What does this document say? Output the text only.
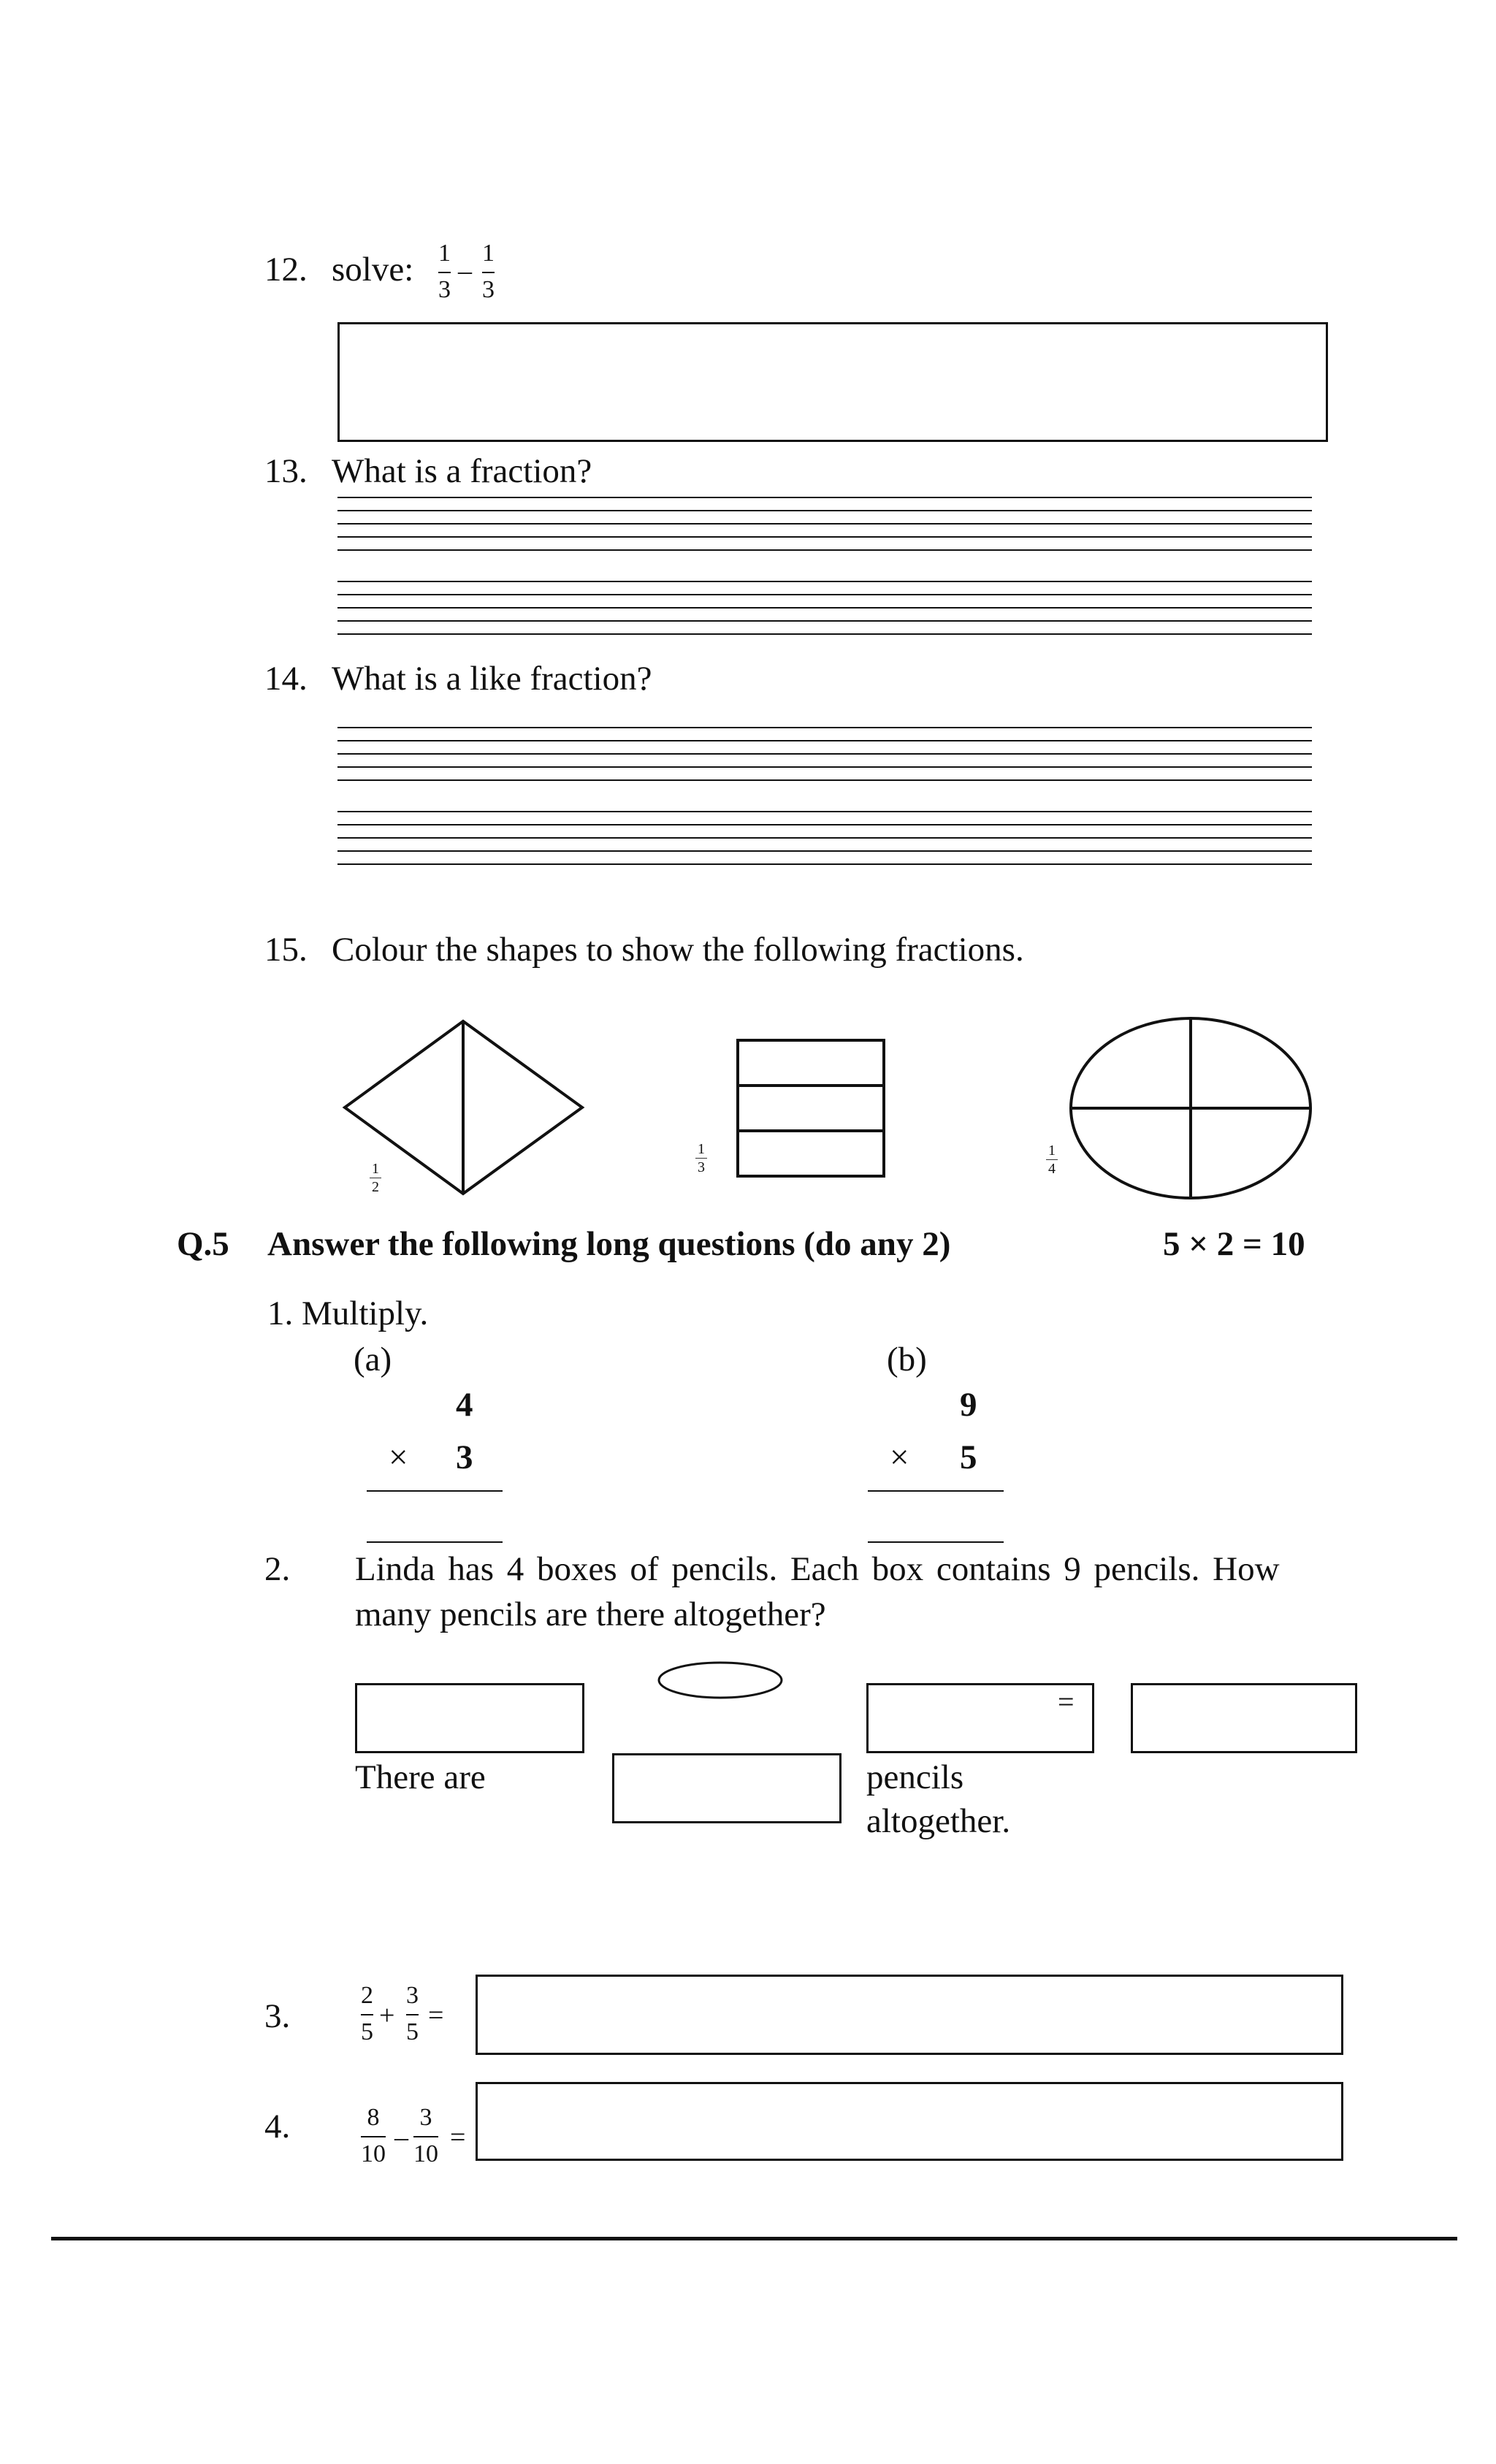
12. solve: 1
3
–
1
3
13. What is a fraction?
14. What is a like fraction?
15. Colour the shapes to show the following fractions.
1
2
1
3
1
4
Q.5 Answer the following long questions (do any 2)	5 × 2 = 10
1. Multiply.
(a)
4
× 3
(b)
9
× 5
2. Linda has 4 boxes of pencils. Each box contains 9 pencils. How
many pencils are there altogether?
=
There are	pencils
altogether.
3.
2
5
+
3
5
=
4.	8
10
–
3
10
=
